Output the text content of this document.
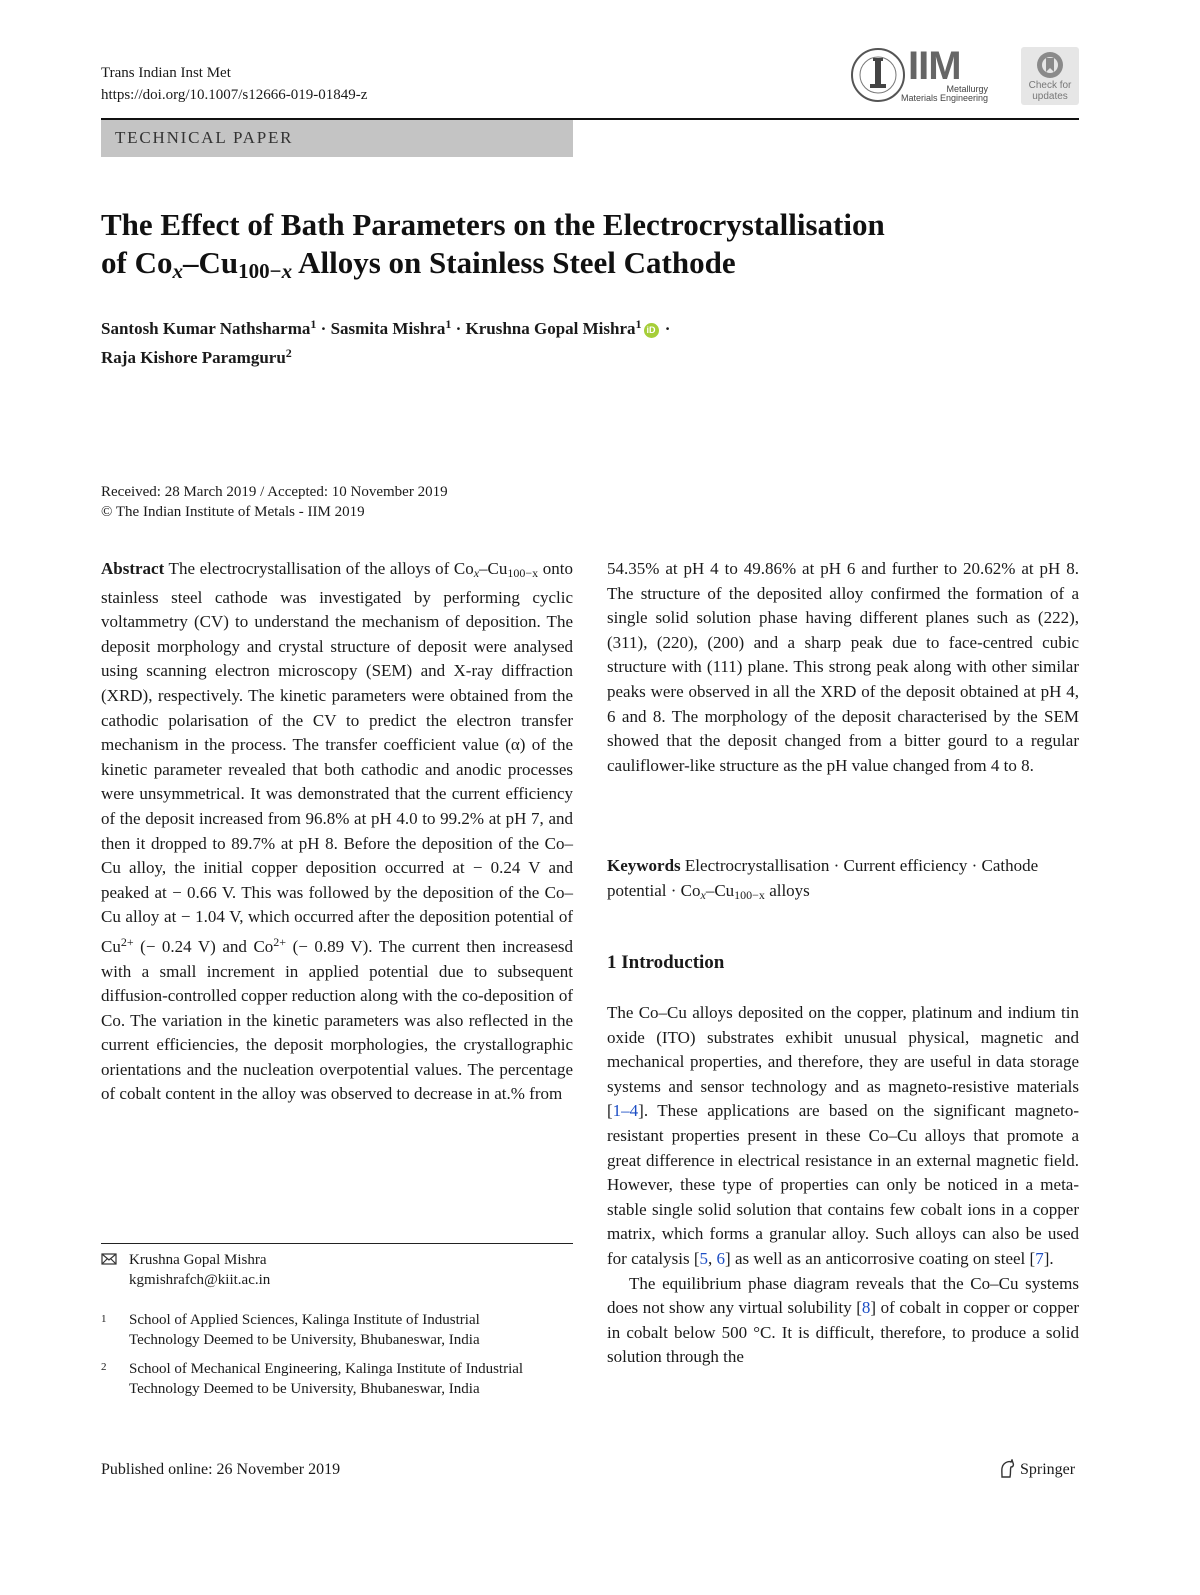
Trans Indian Inst Met
https://doi.org/10.1007/s12666-019-01849-z
IIM
Metallurgy
Materials Engineering
Check for
updates
TECHNICAL PAPER
The Effect of Bath Parameters on the Electrocrystallisation
of Cox–Cu100−x Alloys on Stainless Steel Cathode
Santosh Kumar Nathsharma$^1$ · Sasmita Mishra$^1$ · Krushna Gopal Mishra$^1$ iD ·
Raja Kishore Paramguru$^2$
Received: 28 March 2019 / Accepted: 10 November 2019
© The Indian Institute of Metals - IIM 2019

Abstract The electrocrystallisation of the alloys of $Co_x-Cu_{100-x}$ onto stainless steel cathode was investigated by performing cyclic voltammetry (CV) to understand the mechanism of deposition. The deposit morphology and crystal structure of deposit were analysed using scanning electron microscopy (SEM) and X-ray diffraction (XRD), respectively. The kinetic parameters were obtained from the cathodic polarisation of the CV to predict the electron transfer mechanism in the process. The transfer coefficient value (α) of the kinetic parameter revealed that both cathodic and anodic processes were unsymmetrical. It was demonstrated that the current efficiency of the deposit increased from 96.8% at pH 4.0 to 99.2% at pH 7, and then it dropped to 89.7% at pH 8. Before the deposition of the Co–Cu alloy, the initial copper deposition occurred at − 0.24 V and peaked at − 0.66 V. This was followed by the deposition of the Co–Cu alloy at − 1.04 V, which occurred after the deposition potential of $Cu^{2+}$ (− 0.24 V) and $Co^{2+}$ (− 0.89 V). The current then increasesd with a small increment in applied potential due to subsequent diffusion-controlled copper reduction along with the co-deposition of Co. The variation in the kinetic parameters was also reflected in the current efficiencies, the deposit morphologies, the crystallographic orientations and the nucleation overpotential values. The percentage of cobalt content in the alloy was observed to decrease in at.% from

54.35% at pH 4 to 49.86% at pH 6 and further to 20.62% at pH 8. The structure of the deposited alloy confirmed the formation of a single solid solution phase having different planes such as (222), (311), (220), (200) and a sharp peak due to face-centred cubic structure with (111) plane. This strong peak along with other similar peaks were observed in all the XRD of the deposit obtained at pH 4, 6 and 8. The morphology of the deposit characterised by the SEM showed that the deposit changed from a bitter gourd to a regular cauliflower-like structure as the pH value changed from 4 to 8.

Keywords Electrocrystallisation · Current efficiency · Cathode potential · $Co_x-Cu_{100-x}$ alloys

1 Introduction

The Co–Cu alloys deposited on the copper, platinum and indium tin oxide (ITO) substrates exhibit unusual physical, magnetic and mechanical properties, and therefore, they are useful in data storage systems and sensor technology and as magneto-resistive materials [1–4]. These applications are based on the significant magneto-resistant properties present in these Co–Cu alloys that promote a great difference in electrical resistance in an external magnetic field. However, these type of properties can only be noticed in a meta-stable single solid solution that contains few cobalt ions in a copper matrix, which forms a granular alloy. Such alloys can also be used for catalysis [5, 6] as well as an anticorrosive coating on steel [7].

The equilibrium phase diagram reveals that the Co–Cu systems does not show any virtual solubility [8] of cobalt in copper or copper in cobalt below 500 °C. It is difficult, therefore, to produce a solid solution through the

Krushna Gopal Mishra
kgmishrafch@kiit.ac.in
1 School of Applied Sciences, Kalinga Institute of Industrial Technology Deemed to be University, Bhubaneswar, India
2 School of Mechanical Engineering, Kalinga Institute of Industrial Technology Deemed to be University, Bhubaneswar, India
Published online: 26 November 2019	Springer
